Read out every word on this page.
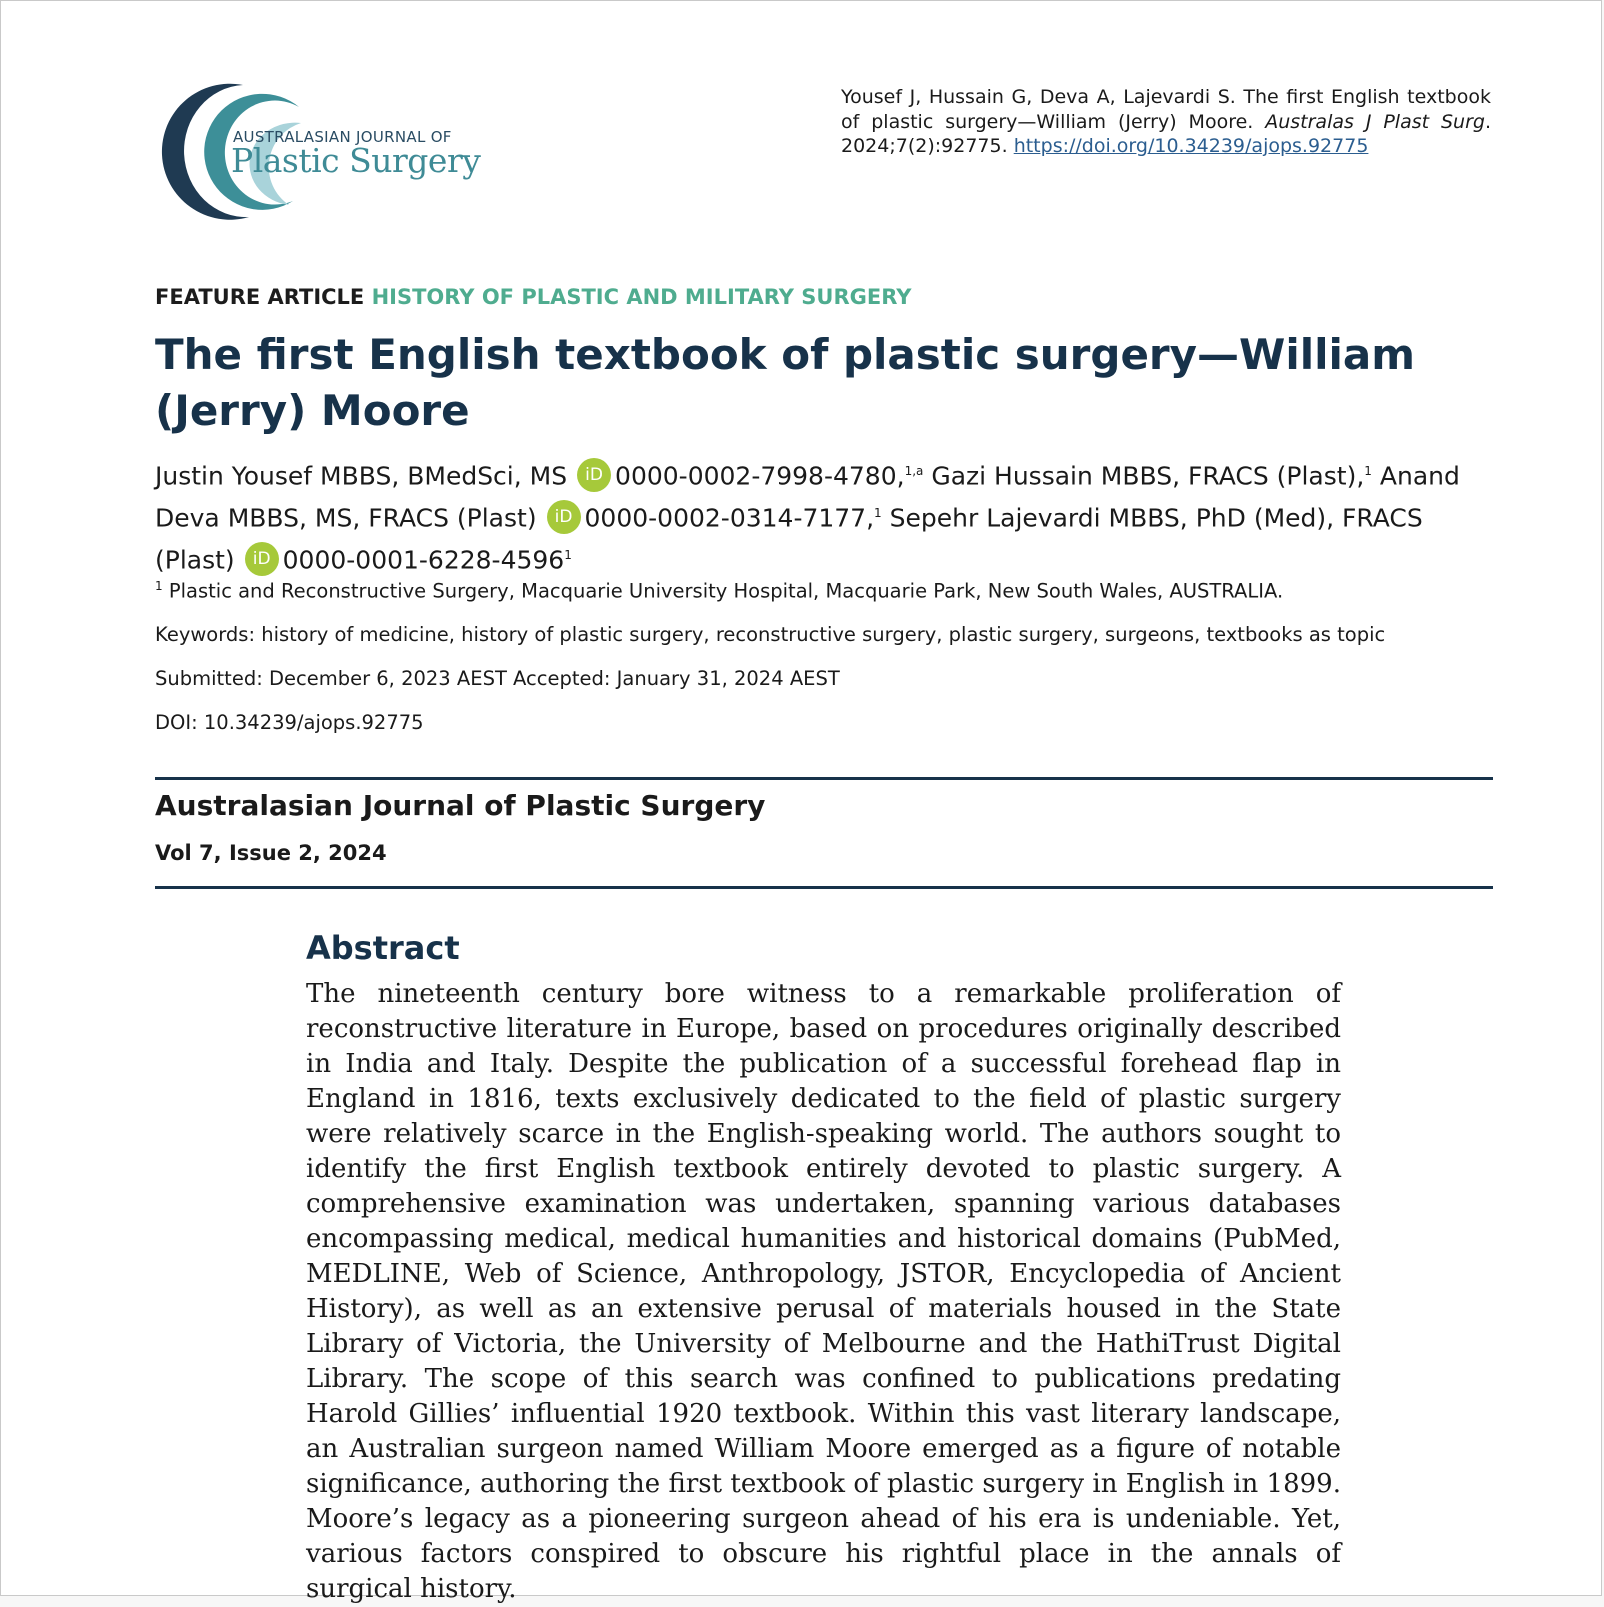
AUSTRALASIAN JOURNAL OF
Plastic Surgery
Yousef J, Hussain G, Deva A, Lajevardi S. The first English textbook of plastic surgery—William (Jerry) Moore. Australas J Plast Surg. 2024;7(2):92775. https://doi.org/10.34239/ajops.92775
FEATURE ARTICLE HISTORY OF PLASTIC AND MILITARY SURGERY
The first English textbook of plastic surgery—William (Jerry) Moore
Justin Yousef MBBS, BMedSci, MS iD 0000-0002-7998-4780,$^{1,a}$ Gazi Hussain MBBS, FRACS (Plast),$^1$ Anand Deva MBBS, MS, FRACS (Plast) iD 0000-0002-0314-7177,$^1$ Sepehr Lajevardi MBBS, PhD (Med), FRACS (Plast) iD 0000-0001-6228-4596$^1$
$^1$ Plastic and Reconstructive Surgery, Macquarie University Hospital, Macquarie Park, New South Wales, AUSTRALIA.
Keywords: history of medicine, history of plastic surgery, reconstructive surgery, plastic surgery, surgeons, textbooks as topic
Submitted: December 6, 2023 AEST Accepted: January 31, 2024 AEST
DOI: 10.34239/ajops.92775
Australasian Journal of Plastic Surgery
Vol 7, Issue 2, 2024
Abstract

The nineteenth century bore witness to a remarkable proliferation of reconstructive literature in Europe, based on procedures originally described in India and Italy. Despite the publication of a successful forehead flap in England in 1816, texts exclusively dedicated to the field of plastic surgery were relatively scarce in the English-speaking world. The authors sought to identify the first English textbook entirely devoted to plastic surgery. A comprehensive examination was undertaken, spanning various databases encompassing medical, medical humanities and historical domains (PubMed, MEDLINE, Web of Science, Anthropology, JSTOR, Encyclopedia of Ancient History), as well as an extensive perusal of materials housed in the State Library of Victoria, the University of Melbourne and the HathiTrust Digital Library. The scope of this search was confined to publications predating Harold Gillies’ influential 1920 textbook. Within this vast literary landscape, an Australian surgeon named William Moore emerged as a figure of notable significance, authoring the first textbook of plastic surgery in English in 1899. Moore’s legacy as a pioneering surgeon ahead of his era is undeniable. Yet, various factors conspired to obscure his rightful place in the annals of surgical history.
